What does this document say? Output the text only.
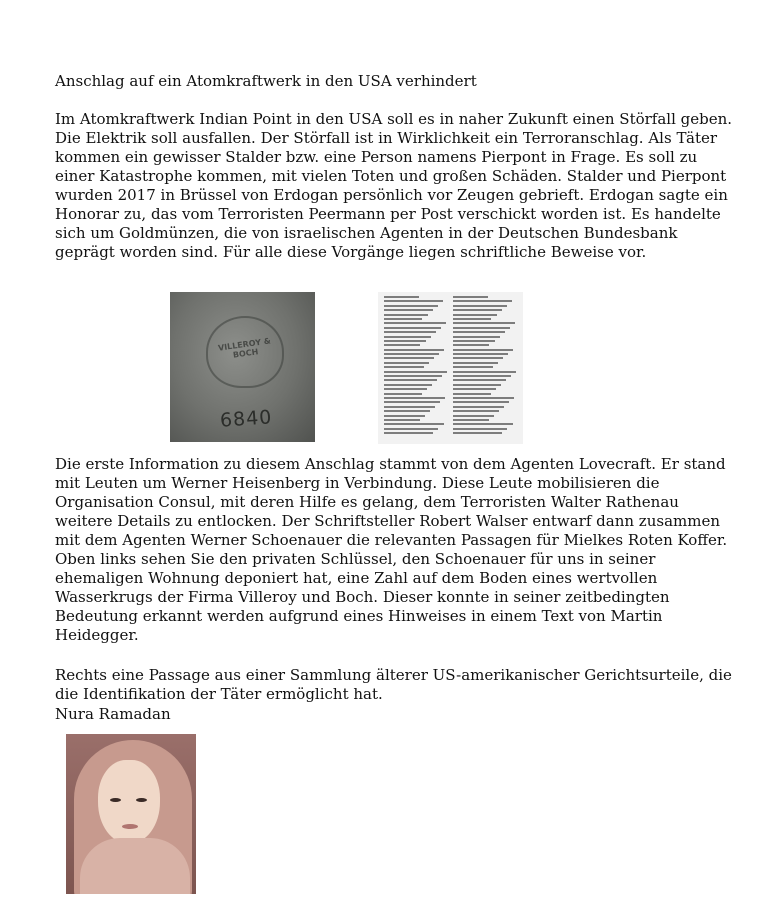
Anschlag auf ein Atomkraftwerk in den USA verhindert

Im Atomkraftwerk Indian Point in den USA soll es in naher Zukunft einen Störfall geben. Die Elektrik soll ausfallen. Der Störfall ist in Wirklichkeit ein Terroranschlag. Als Täter kommen ein gewisser Stalder bzw. eine Person namens Pierpont in Frage. Es soll zu einer Katastrophe kommen, mit vielen Toten und großen Schäden. Stalder und Pierpont wurden 2017 in Brüssel von Erdogan persönlich vor Zeugen gebrieft. Erdogan sagte ein Honorar zu, das vom Terroristen Peermann per Post verschickt worden ist. Es handelte sich um Goldmünzen, die von israelischen Agenten in der Deutschen Bundesbank geprägt worden sind. Für alle diese Vorgänge liegen schriftliche Beweise vor.

VILLEROY & BOCH
6840

Die erste Information zu diesem Anschlag stammt von dem Agenten Lovecraft. Er stand mit Leuten um Werner Heisenberg in Verbindung. Diese Leute mobilisieren die Organisation Consul, mit deren Hilfe es gelang, dem Terroristen Walter Rathenau weitere Details zu entlocken. Der Schriftsteller Robert Walser entwarf dann zusammen mit dem Agenten Werner Schoenauer die relevanten Passagen für Mielkes Roten Koffer. Oben links sehen Sie den privaten Schlüssel, den Schoenauer für uns in seiner ehemaligen Wohnung deponiert hat, eine Zahl auf dem Boden eines wertvollen Wasserkrugs der Firma Villeroy und Boch. Dieser konnte in seiner zeitbedingten Bedeutung erkannt werden aufgrund eines Hinweises in einem Text von Martin Heidegger.

Rechts eine Passage aus einer Sammlung älterer US-amerikanischer Gerichtsurteile, die die Identifikation der Täter ermöglicht hat.

Nura Ramadan
